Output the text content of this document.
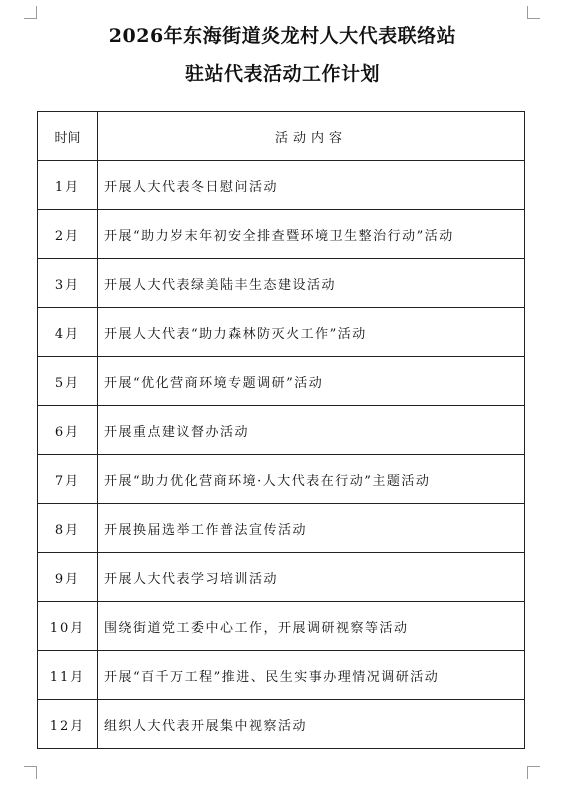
2026年东海街道炎龙村人大代表联络站
驻站代表活动工作计划
时间	活动内容
1月	开展人大代表冬日慰问活动
2月	开展“助力岁末年初安全排查暨环境卫生整治行动”活动
3月	开展人大代表绿美陆丰生态建设活动
4月	开展人大代表“助力森林防灭火工作”活动
5月	开展“优化营商环境专题调研”活动
6月	开展重点建议督办活动
7月	开展“助力优化营商环境·人大代表在行动”主题活动
8月	开展换届选举工作普法宣传活动
9月	开展人大代表学习培训活动
10月	围绕街道党工委中心工作，开展调研视察等活动
11月	开展“百千万工程”推进、民生实事办理情况调研活动
12月	组织人大代表开展集中视察活动
